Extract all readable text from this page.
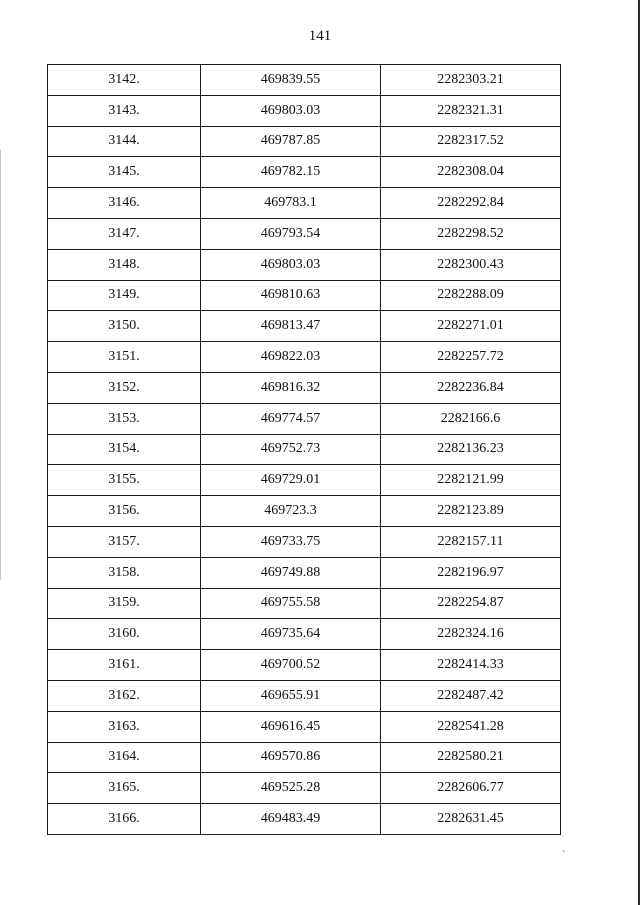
141
3142.	469839.55	2282303.21
3143.	469803.03	2282321.31
3144.	469787.85	2282317.52
3145.	469782.15	2282308.04
3146.	469783.1	2282292.84
3147.	469793.54	2282298.52
3148.	469803.03	2282300.43
3149.	469810.63	2282288.09
3150.	469813.47	2282271.01
3151.	469822.03	2282257.72
3152.	469816.32	2282236.84
3153.	469774.57	2282166.6
3154.	469752.73	2282136.23
3155.	469729.01	2282121.99
3156.	469723.3	2282123.89
3157.	469733.75	2282157.11
3158.	469749.88	2282196.97
3159.	469755.58	2282254.87
3160.	469735.64	2282324.16
3161.	469700.52	2282414.33
3162.	469655.91	2282487.42
3163.	469616.45	2282541.28
3164.	469570.86	2282580.21
3165.	469525.28	2282606.77
3166.	469483.49	2282631.45
`
